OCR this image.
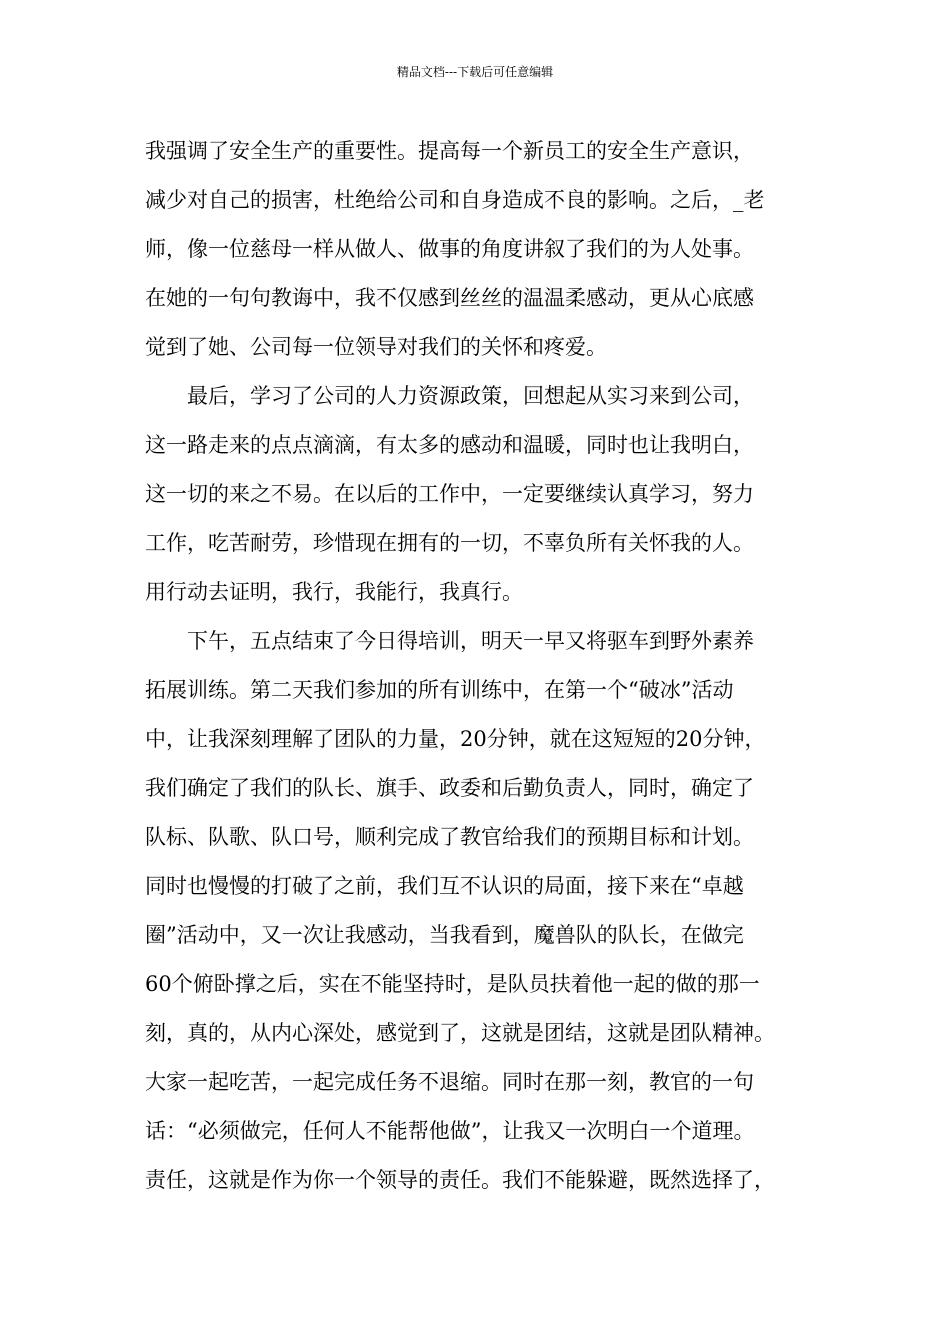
精品文档---下载后可任意编辑
我强调了安全生产的重要性。提高每一个新员工的安全生产意识，
减少对自己的损害，杜绝给公司和自身造成不良的影响。之后，_老
师，像一位慈母一样从做人、做事的角度讲叙了我们的为人处事。
在她的一句句教诲中，我不仅感到丝丝的温温柔感动，更从心底感
觉到了她、公司每一位领导对我们的关怀和疼爱。
　　最后，学习了公司的人力资源政策，回想起从实习来到公司，
这一路走来的点点滴滴，有太多的感动和温暖，同时也让我明白，
这一切的来之不易。在以后的工作中，一定要继续认真学习，努力
工作，吃苦耐劳，珍惜现在拥有的一切，不辜负所有关怀我的人。
用行动去证明，我行，我能行，我真行。
　　下午，五点结束了今日得培训，明天一早又将驱车到野外素养
拓展训练。第二天我们参加的所有训练中，在第一个“破冰”活动
中，让我深刻理解了团队的力量，20分钟，就在这短短的20分钟，
我们确定了我们的队长、旗手、政委和后勤负责人，同时，确定了
队标、队歌、队口号，顺利完成了教官给我们的预期目标和计划。
同时也慢慢的打破了之前，我们互不认识的局面，接下来在“卓越
圈”活动中，又一次让我感动，当我看到，魔兽队的队长，在做完
60个俯卧撑之后，实在不能坚持时，是队员扶着他一起的做的那一
刻，真的，从内心深处，感觉到了，这就是团结，这就是团队精神。
大家一起吃苦，一起完成任务不退缩。同时在那一刻，教官的一句
话：“必须做完，任何人不能帮他做”，让我又一次明白一个道理。
责任，这就是作为你一个领导的责任。我们不能躲避，既然选择了，
